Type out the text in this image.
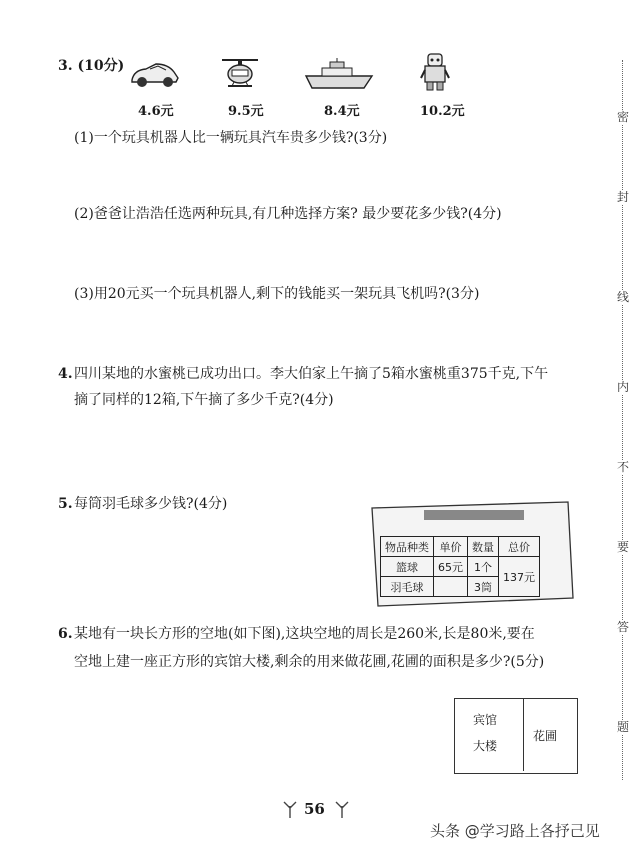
3. (10分)
4.6元	9.5元	8.4元	10.2元
(1)一个玩具机器人比一辆玩具汽车贵多少钱?(3分)
(2)爸爸让浩浩任选两种玩具,有几种选择方案? 最少要花多少钱?(4分)
(3)用20元买一个玩具机器人,剩下的钱能买一架玩具飞机吗?(3分)
4. 四川某地的水蜜桃已成功出口。李大伯家上午摘了5箱水蜜桃重375千克,下午
摘了同样的12箱,下午摘了多少千克?(4分)
5. 每筒羽毛球多少钱?(4分)
物品种类	单价	数量	总价
篮球	65元	1个	137元
羽毛球		3筒	
6. 某地有一块长方形的空地(如下图),这块空地的周长是260米,长是80米,要在
空地上建一座正方形的宾馆大楼,剩余的用来做花圃,花圃的面积是多少?(5分)
宾馆
大楼
花圃
密
封
线
内
不
要
答
题
56
头条 @学习路上各抒己见
